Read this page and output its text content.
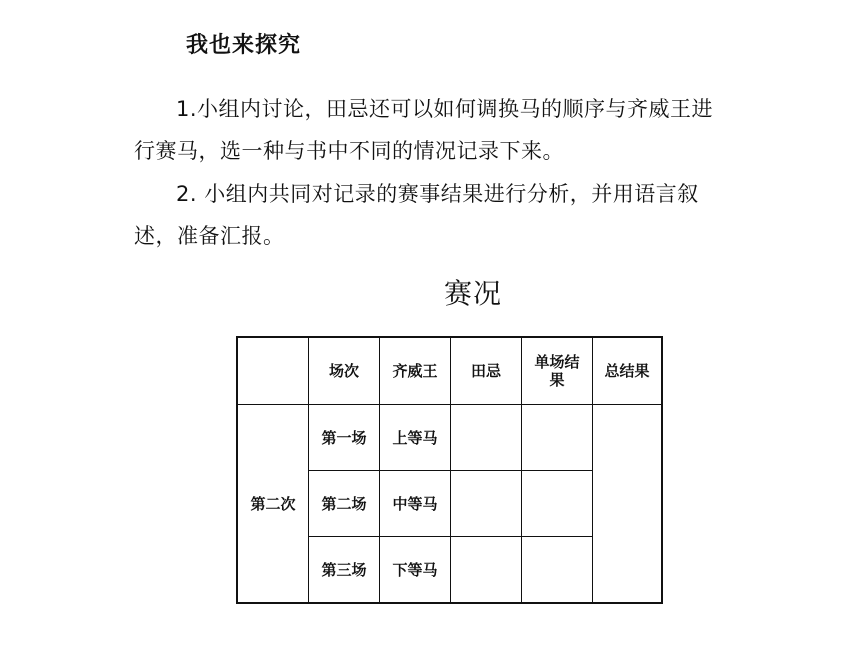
我也来探究
1.小组内讨论，田忌还可以如何调换马的顺序与齐威王进行赛马，选一种与书中不同的情况记录下来。
2. 小组内共同对记录的赛事结果进行分析，并用语言叙述，准备汇报。
赛况
	场次	齐威王	田忌	单场结果	总结果
第二次	第一场	上等马			
	第二场	中等马			
	第三场	下等马			
